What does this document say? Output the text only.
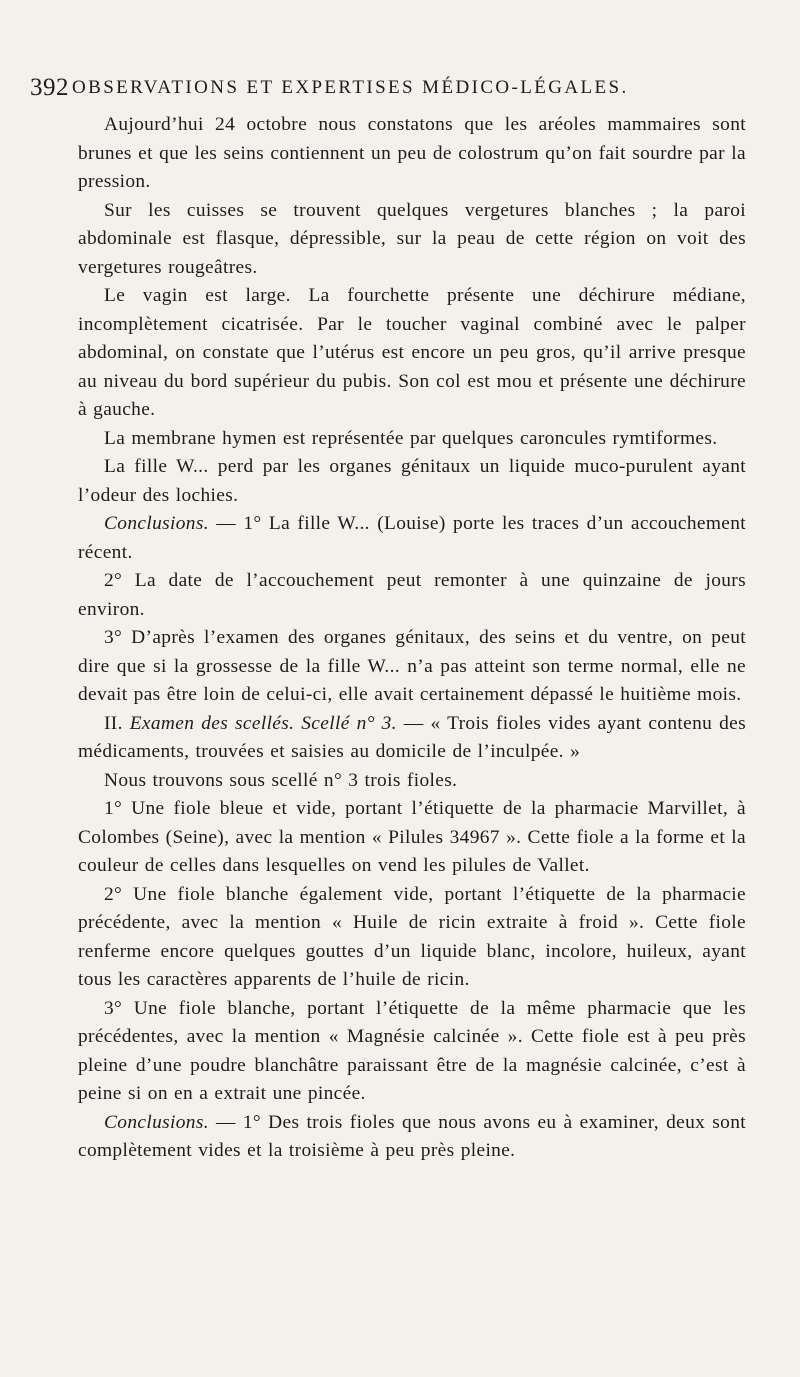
392 OBSERVATIONS ET EXPERTISES MÉDICO-LÉGALES.

Aujourd’hui 24 octobre nous constatons que les aréoles mammaires sont brunes et que les seins contiennent un peu de colostrum qu’on fait sourdre par la pression.

Sur les cuisses se trouvent quelques vergetures blanches ; la paroi abdominale est flasque, dépressible, sur la peau de cette région on voit des vergetures rougeâtres.

Le vagin est large. La fourchette présente une déchirure médiane, incomplètement cicatrisée. Par le toucher vaginal combiné avec le palper abdominal, on constate que l’utérus est encore un peu gros, qu’il arrive presque au niveau du bord supérieur du pubis. Son col est mou et présente une déchirure à gauche.

La membrane hymen est représentée par quelques caroncules rymtiformes.

La fille W... perd par les organes génitaux un liquide muco-purulent ayant l’odeur des lochies.

Conclusions. — 1° La fille W... (Louise) porte les traces d’un accouchement récent.

2° La date de l’accouchement peut remonter à une quinzaine de jours environ.

3° D’après l’examen des organes génitaux, des seins et du ventre, on peut dire que si la grossesse de la fille W... n’a pas atteint son terme normal, elle ne devait pas être loin de celui-ci, elle avait certainement dépassé le huitième mois.

II. Examen des scellés. Scellé n° 3. — « Trois fioles vides ayant contenu des médicaments, trouvées et saisies au domicile de l’inculpée. »

Nous trouvons sous scellé n° 3 trois fioles.

1° Une fiole bleue et vide, portant l’étiquette de la pharmacie Marvillet, à Colombes (Seine), avec la mention « Pilules 34967 ». Cette fiole a la forme et la couleur de celles dans lesquelles on vend les pilules de Vallet.

2° Une fiole blanche également vide, portant l’étiquette de la pharmacie précédente, avec la mention « Huile de ricin extraite à froid ». Cette fiole renferme encore quelques gouttes d’un liquide blanc, incolore, huileux, ayant tous les caractères apparents de l’huile de ricin.

3° Une fiole blanche, portant l’étiquette de la même pharmacie que les précédentes, avec la mention « Magnésie calcinée ». Cette fiole est à peu près pleine d’une poudre blanchâtre paraissant être de la magnésie calcinée, c’est à peine si on en a extrait une pincée.

Conclusions. — 1° Des trois fioles que nous avons eu à examiner, deux sont complètement vides et la troisième à peu près pleine.
